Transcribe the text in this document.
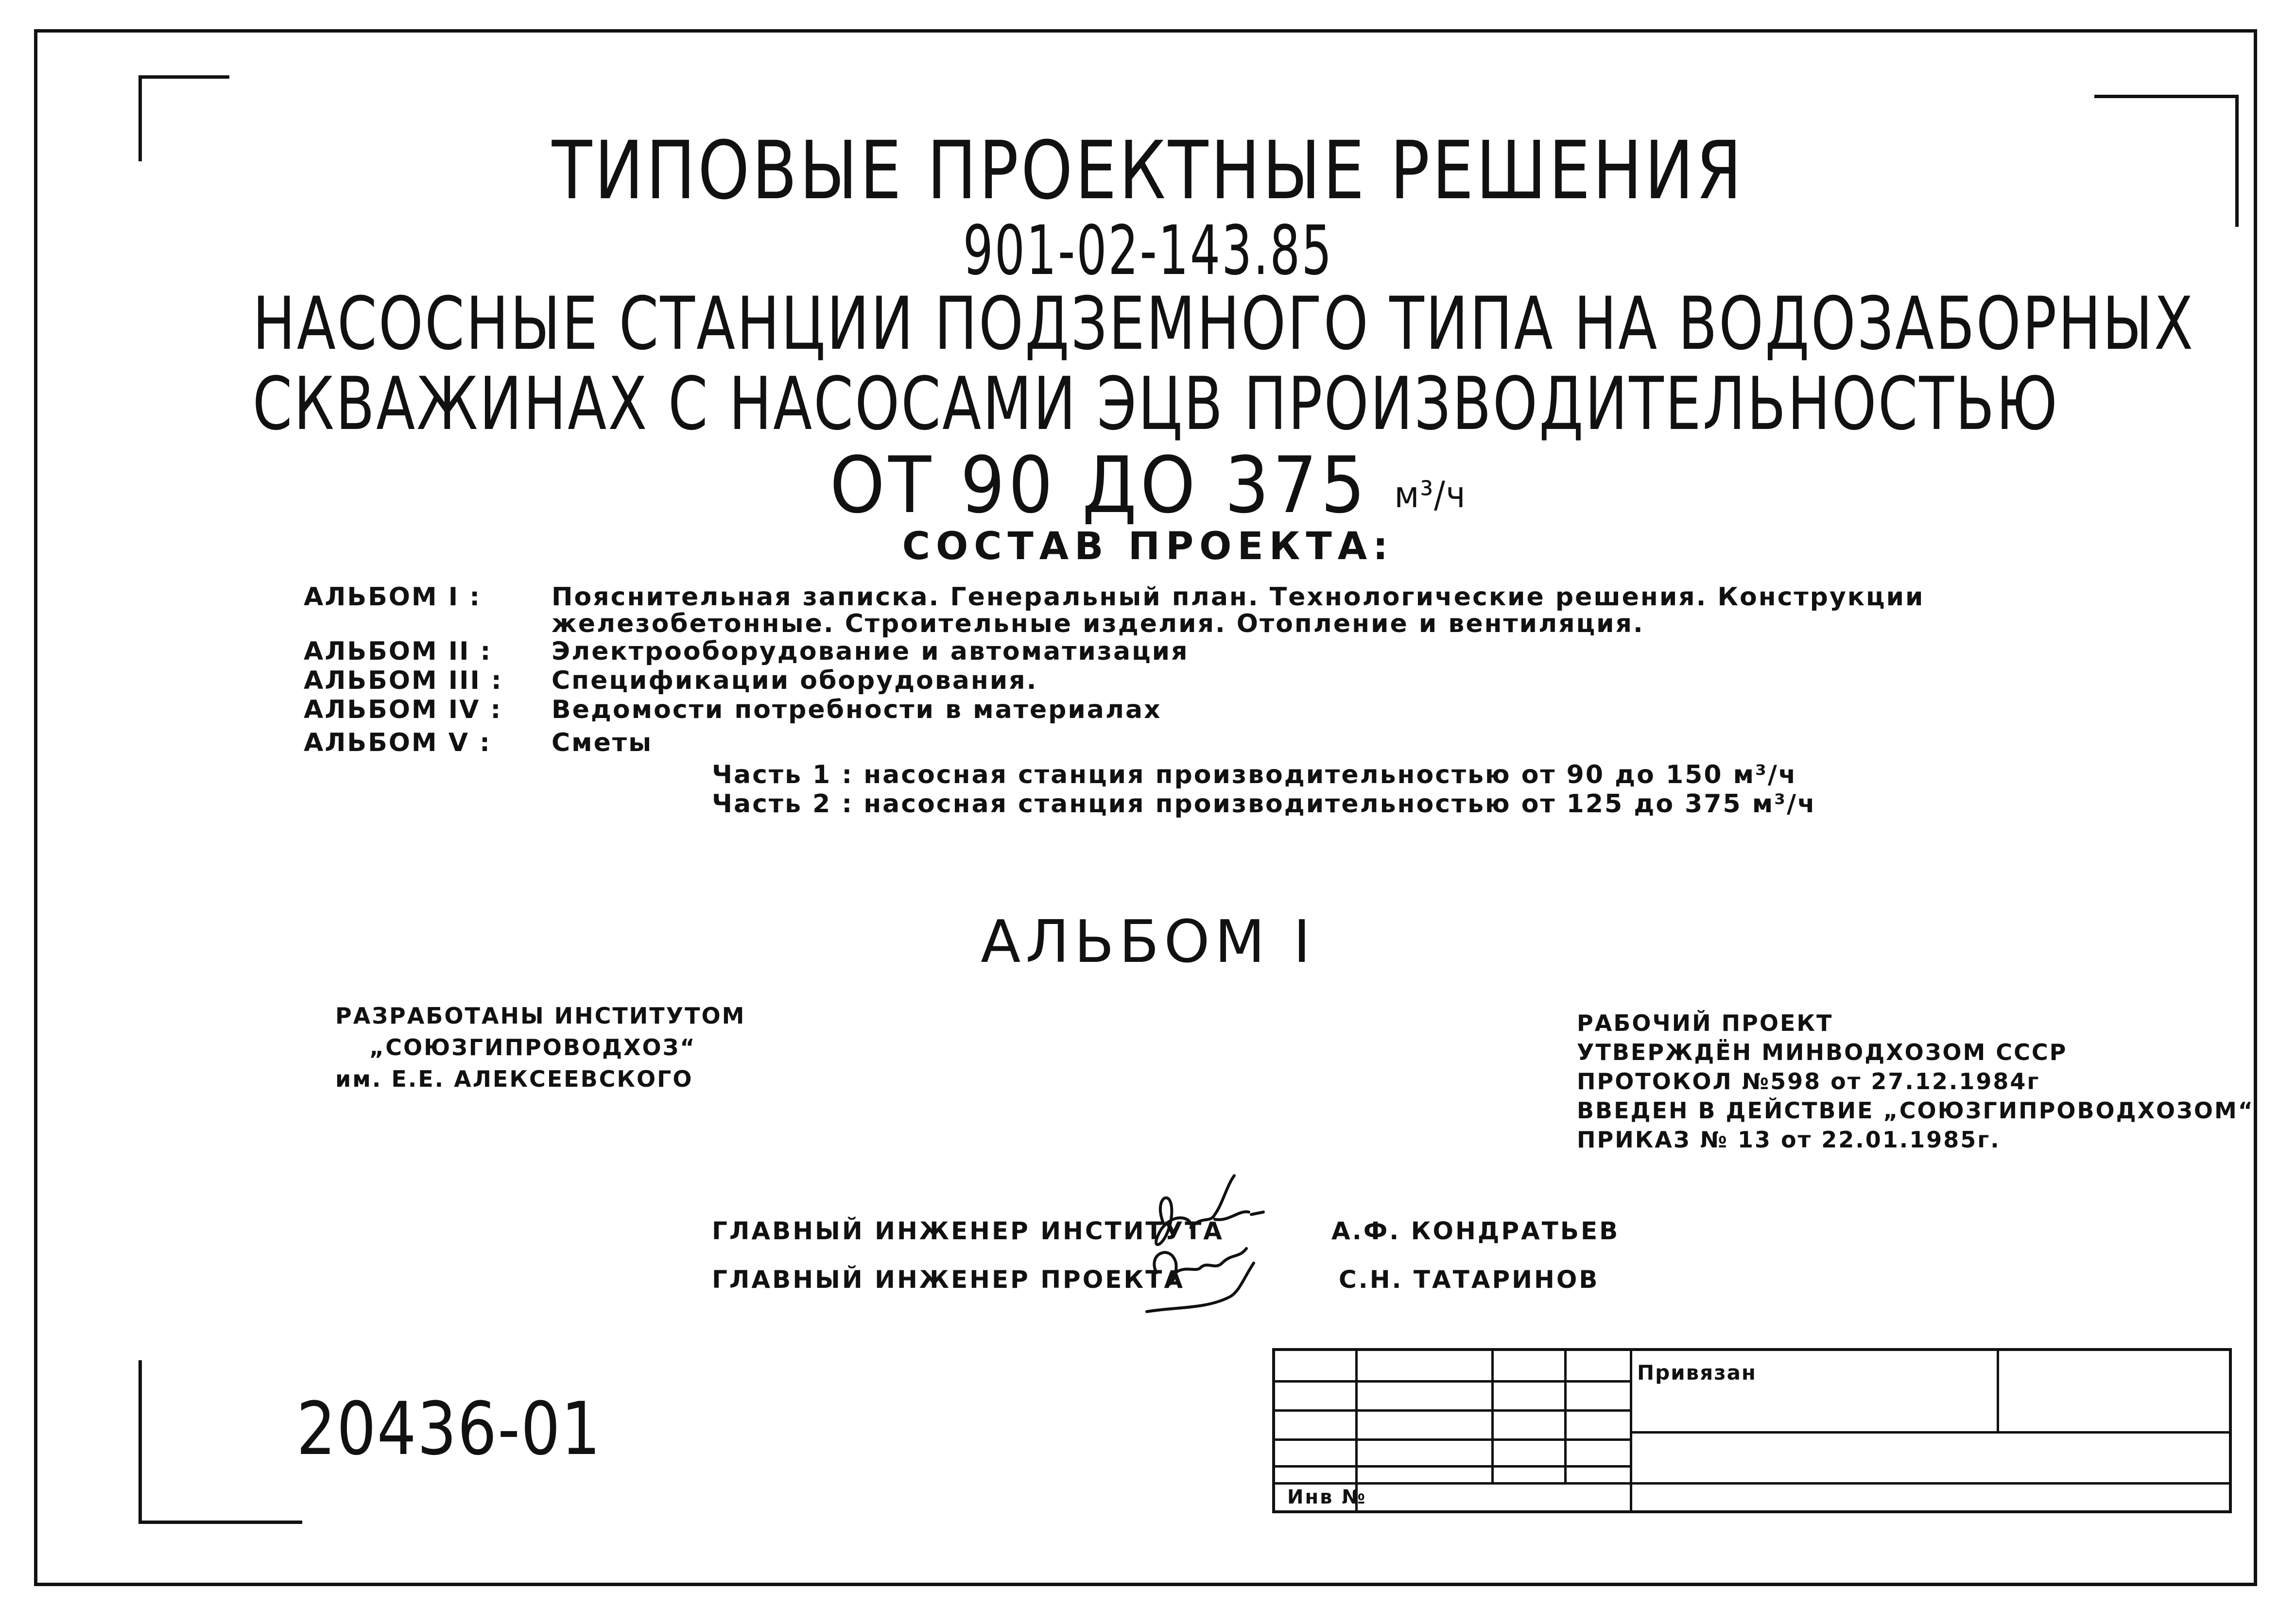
ТИПОВЫЕ ПРОЕКТНЫЕ РЕШЕНИЯ
901-02-143.85
НАСОСНЫЕ СТАНЦИИ ПОДЗЕМНОГО ТИПА НА ВОДОЗАБОРНЫХ
СКВАЖИНАХ С НАСОСАМИ ЭЦВ ПРОИЗВОДИТЕЛЬНОСТЬЮ
ОТ 90 ДО 375 м³/ч
СОСТАВ ПРОЕКТА:
АЛЬБОМ I :	Пояснительная записка. Генеральный план. Технологические решения. Конструкции
железобетонные. Строительные изделия. Отопление и вентиляция.
АЛЬБОМ II :	Электрооборудование и автоматизация
АЛЬБОМ III : Спецификации оборудования.
АЛЬБОМ IV : Ведомости потребности в материалах
АЛЬБОМ V :	Сметы
Часть 1 : насосная станция производительностью от 90 до 150 м³/ч
Часть 2 : насосная станция производительностью от 125 до 375 м³/ч
АЛЬБОМ I
РАЗРАБОТАНЫ ИНСТИТУТОМ
„СОЮЗГИПРОВОДХОЗ“
им. Е.Е. АЛЕКСЕЕВСКОГО
РАБОЧИЙ ПРОЕКТ
УТВЕРЖДЁН МИНВОДХОЗОМ СССР
ПРОТОКОЛ №598 от 27.12.1984г
ВВЕДЕН В ДЕЙСТВИЕ „СОЮЗГИПРОВОДХОЗОМ“
ПРИКАЗ № 13 от 22.01.1985г.
ГЛАВНЫЙ ИНЖЕНЕР ИНСТИТУТА	А.Ф. КОНДРАТЬЕВ
ГЛАВНЫЙ ИНЖЕНЕР ПРОЕКТА	С.Н. ТАТАРИНОВ
20436-01
Привязан
Инв №
